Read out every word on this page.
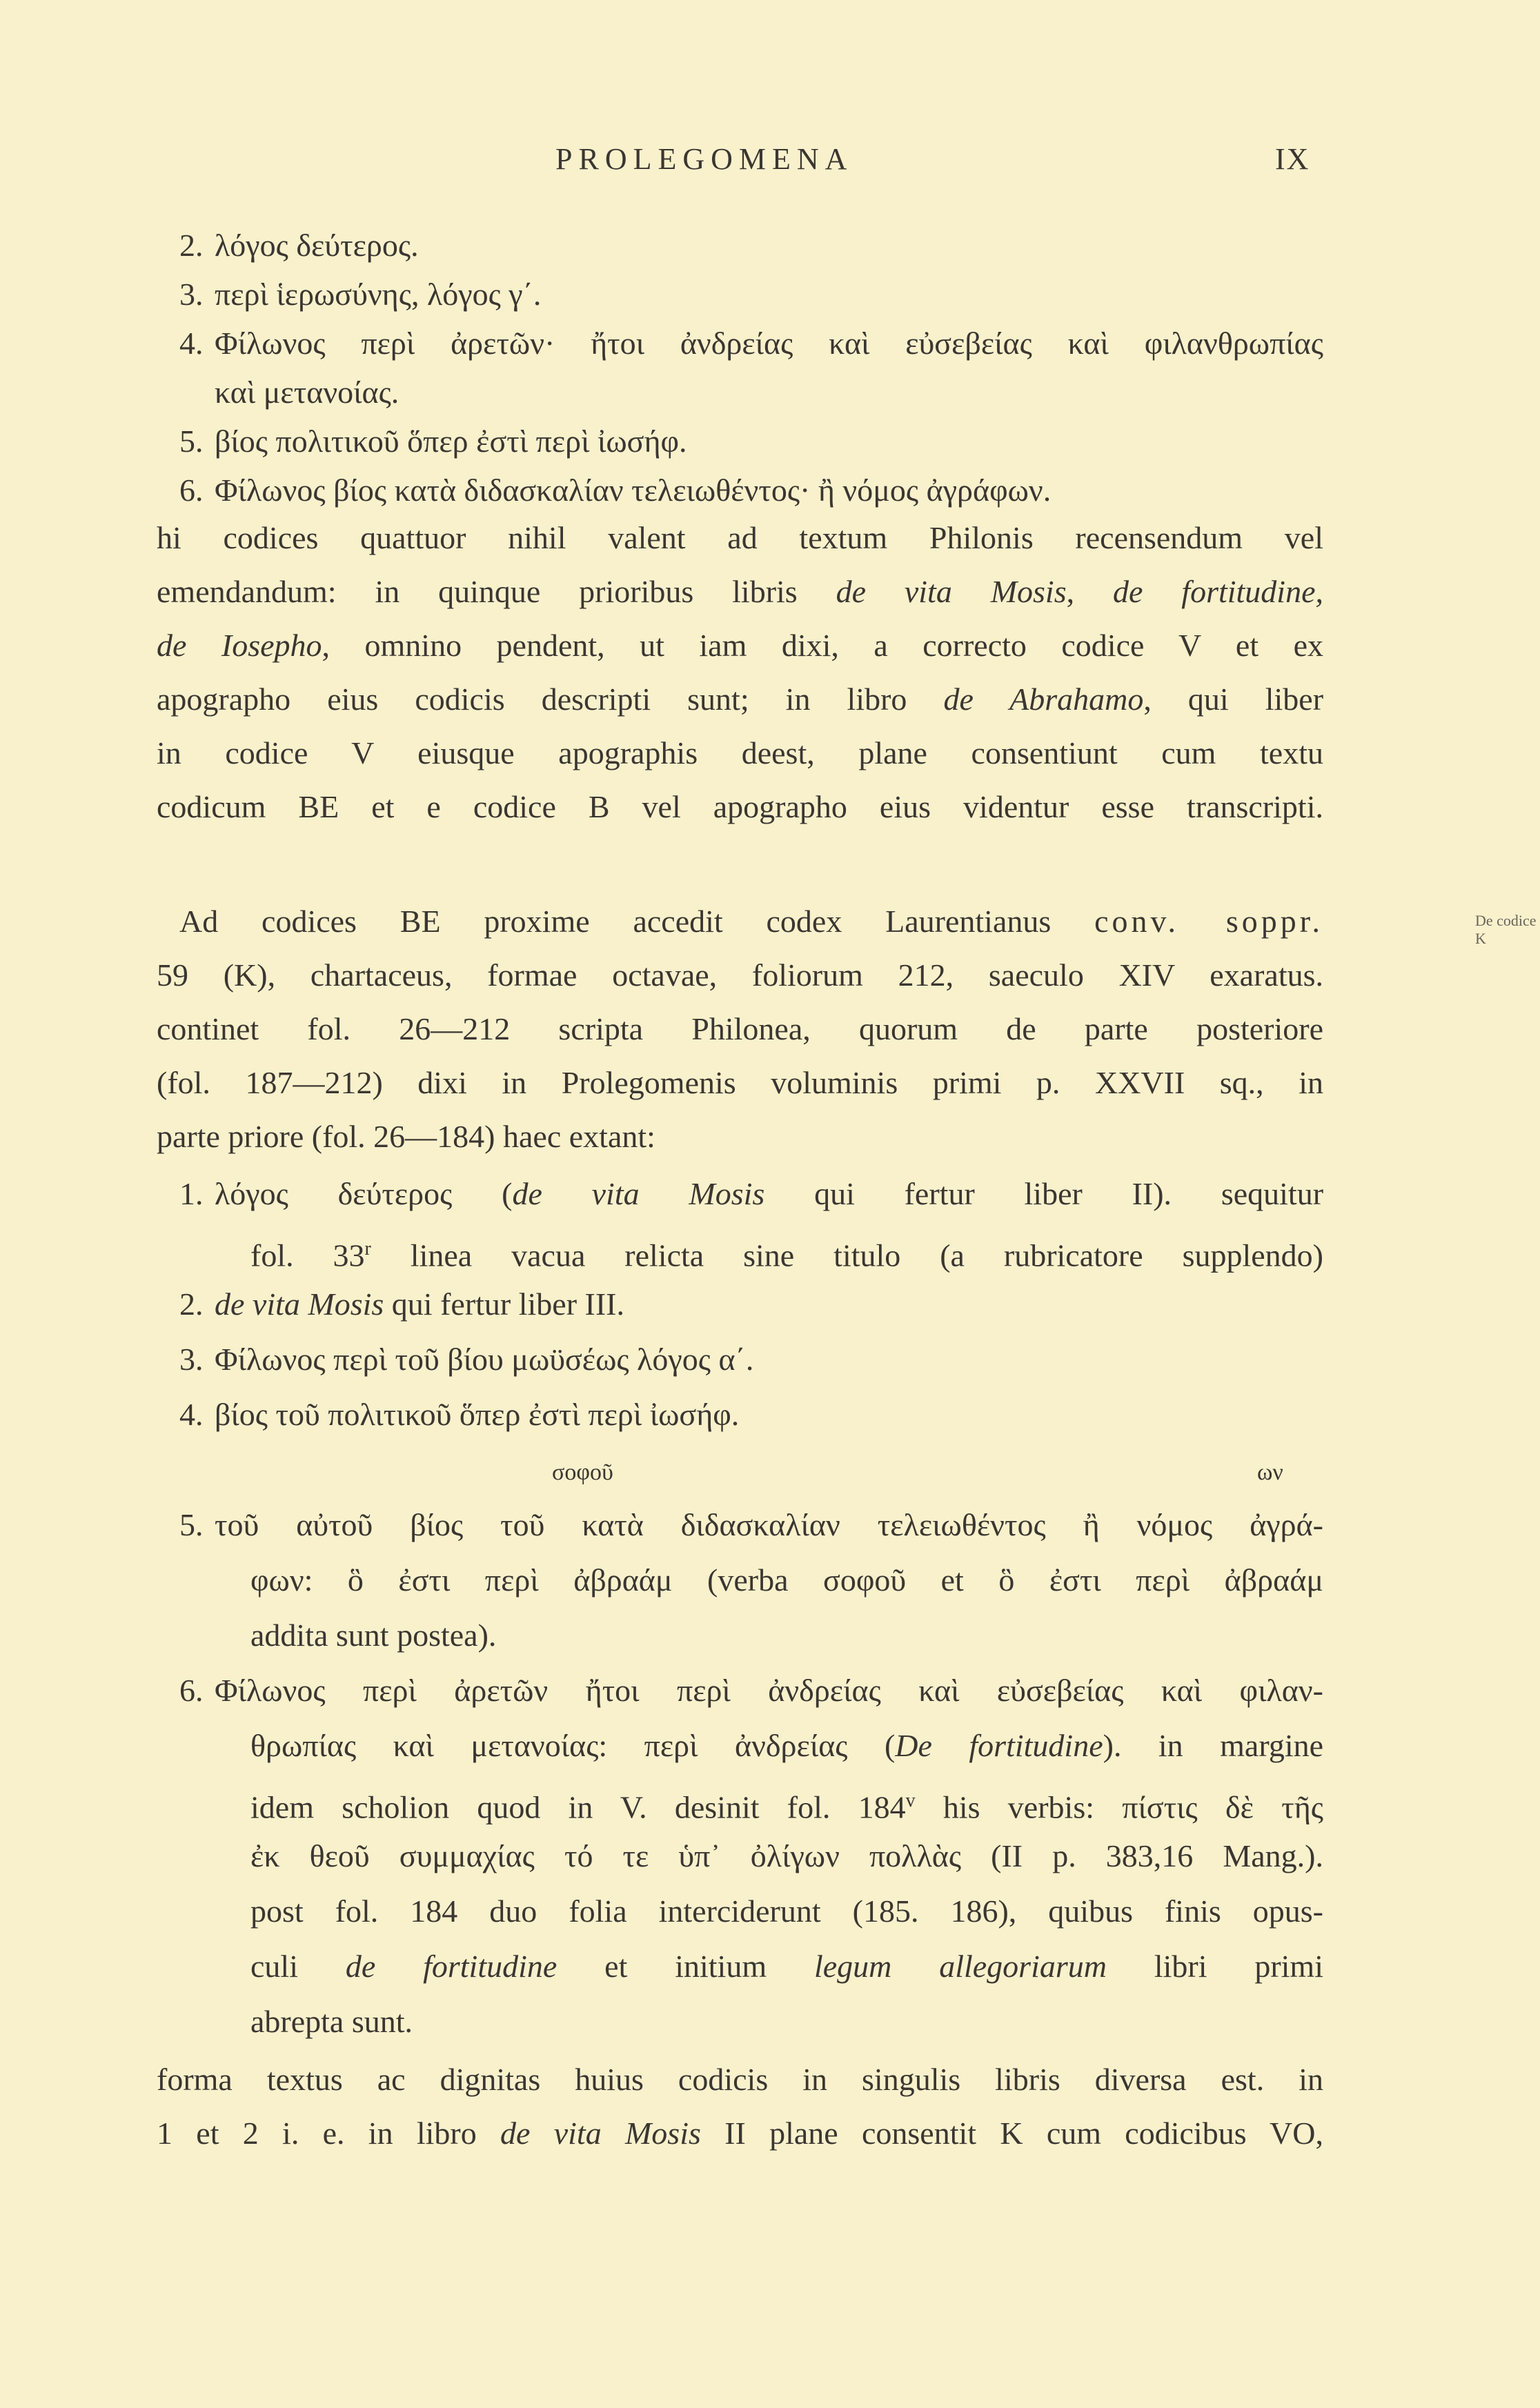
PROLEGOMENA	IX
2. λόγος δεύτερος.
3. περὶ ἱερωσύνης, λόγος γ΄.
4. Φίλωνος περὶ ἀρετῶν· ἤτοι ἀνδρείας καὶ εὐσεβείας καὶ φιλανθρωπίας
καὶ μετανοίας.
5. βίος πολιτικοῦ ὅπερ ἐστὶ περὶ ἰωσήφ.
6. Φίλωνος βίος κατὰ διδασκαλίαν τελειωθέντος· ἢ νόμος ἀγράφων.
hi codices quattuor nihil valent ad textum Philonis recensendum vel
emendandum: in quinque prioribus libris de vita Mosis, de fortitudine,
de Iosepho, omnino pendent, ut iam dixi, a correcto codice V et ex
apographo eius codicis descripti sunt; in libro de Abrahamo, qui liber
in codice V eiusque apographis deest, plane consentiunt cum textu
codicum BE et e codice B vel apographo eius videntur esse transcripti.
Ad codices BE proxime accedit codex Laurentianus conv. soppr.	De codice K
59 (K), chartaceus, formae octavae, foliorum 212, saeculo XIV exaratus.
continet fol. 26—212 scripta Philonea, quorum de parte posteriore
(fol. 187—212) dixi in Prolegomenis voluminis primi p. XXVII sq., in
parte priore (fol. 26—184) haec extant:
1. λόγος δεύτερος (de vita Mosis qui fertur liber II). sequitur
fol. 33$^r$ linea vacua relicta sine titulo (a rubricatore supplendo)
2. de vita Mosis qui fertur liber III.
3. Φίλωνος περὶ τοῦ βίου μωϋσέως λόγος α΄.
4. βίος τοῦ πολιτικοῦ ὅπερ ἐστὶ περὶ ἰωσήφ.
σοφοῦ	ων
5. τοῦ αὐτοῦ βίος τοῦ κατὰ διδασκαλίαν τελειωθέντος ἢ νόμος ἀγρά-
φων: ὃ ἐστι περὶ ἀβραάμ (verba σοφοῦ et ὃ ἐστι περὶ ἀβραάμ
addita sunt postea).
6. Φίλωνος περὶ ἀρετῶν ἤτοι περὶ ἀνδρείας καὶ εὐσεβείας καὶ φιλαν-
θρωπίας καὶ μετανοίας: περὶ ἀνδρείας (De fortitudine). in margine
idem scholion quod in V. desinit fol. 184$^v$ his verbis: πίστις δὲ τῆς
ἐκ θεοῦ συμμαχίας τό τε ὑπ᾽ ὀλίγων πολλὰς (II p. 383,16 Mang.).
post fol. 184 duo folia interciderunt (185. 186), quibus finis opus-
culi de fortitudine et initium legum allegoriarum libri primi
abrepta sunt.
forma textus ac dignitas huius codicis in singulis libris diversa est. in
1 et 2 i. e. in libro de vita Mosis II plane consentit K cum codicibus VO,
